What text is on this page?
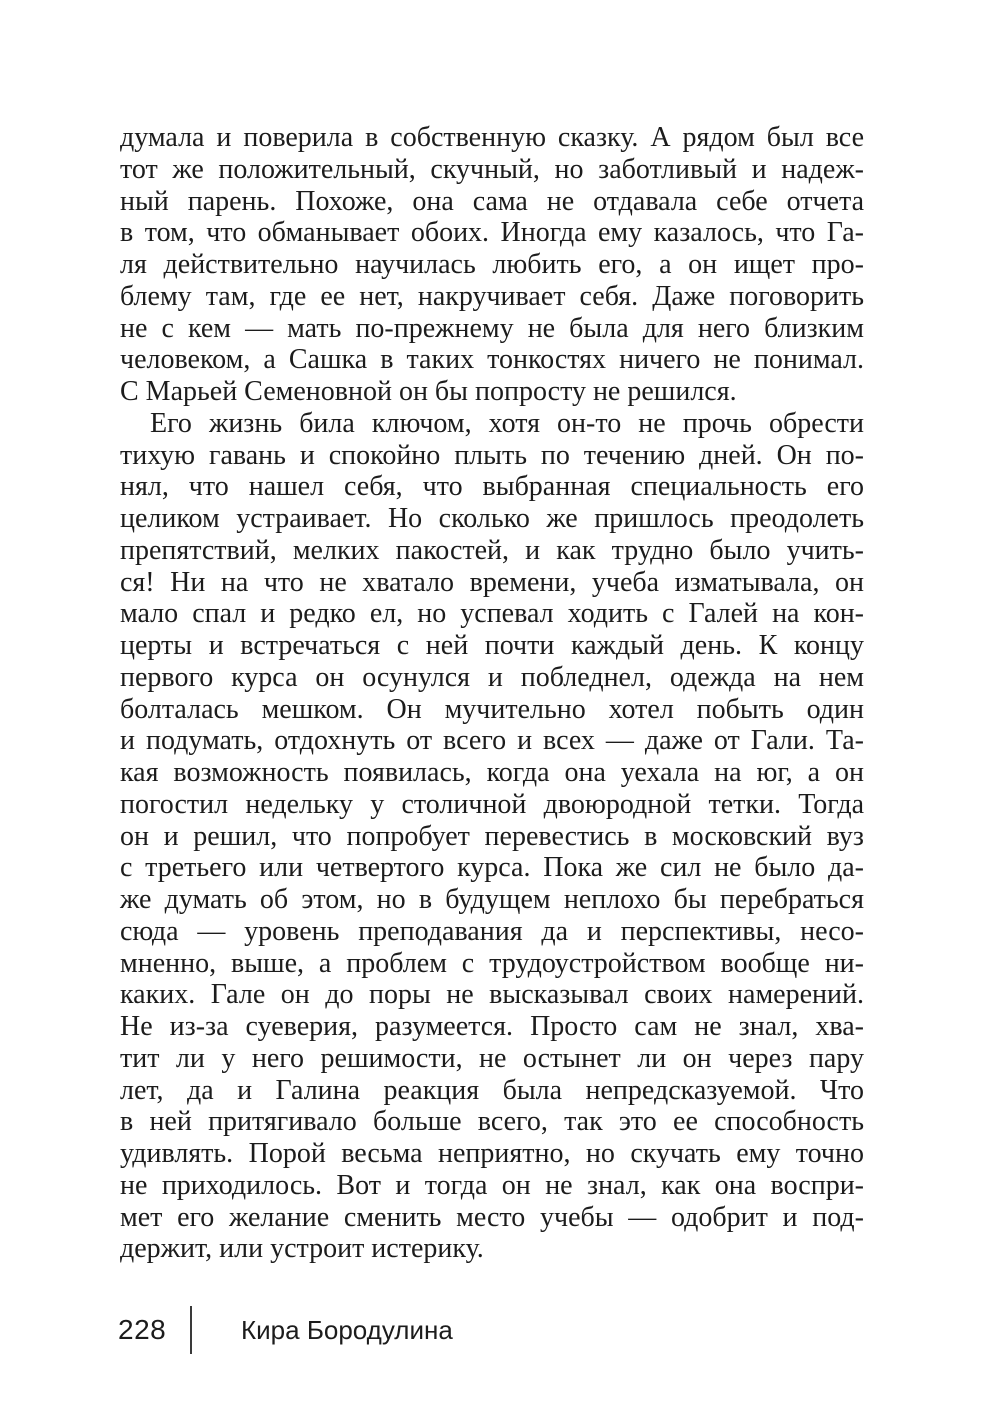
думала и поверила в собственную сказку. А рядом был все
тот же положительный, скучный, но заботливый и надеж-
ный парень. Похоже, она сама не отдавала себе отчета
в том, что обманывает обоих. Иногда ему казалось, что Га-
ля действительно научилась любить его, а он ищет про-
блему там, где ее нет, накручивает себя. Даже поговорить
не с кем — мать по-прежнему не была для него близким
человеком, а Сашка в таких тонкостях ничего не понимал.
С Марьей Семеновной он бы попросту не решился.
Его жизнь била ключом, хотя он-то не прочь обрести
тихую гавань и спокойно плыть по течению дней. Он по-
нял, что нашел себя, что выбранная специальность его
целиком устраивает. Но сколько же пришлось преодолеть
препятствий, мелких пакостей, и как трудно было учить-
ся! Ни на что не хватало времени, учеба изматывала, он
мало спал и редко ел, но успевал ходить с Галей на кон-
церты и встречаться с ней почти каждый день. К концу
первого курса он осунулся и побледнел, одежда на нем
болталась мешком. Он мучительно хотел побыть один
и подумать, отдохнуть от всего и всех — даже от Гали. Та-
кая возможность появилась, когда она уехала на юг, а он
погостил недельку у столичной двоюродной тетки. Тогда
он и решил, что попробует перевестись в московский вуз
с третьего или четвертого курса. Пока же сил не было да-
же думать об этом, но в будущем неплохо бы перебраться
сюда — уровень преподавания да и перспективы, несо-
мненно, выше, а проблем с трудоустройством вообще ни-
каких. Гале он до поры не высказывал своих намерений.
Не из-за суеверия, разумеется. Просто сам не знал, хва-
тит ли у него решимости, не остынет ли он через пару
лет, да и Галина реакция была непредсказуемой. Что
в ней притягивало больше всего, так это ее способность
удивлять. Порой весьма неприятно, но скучать ему точно
не приходилось. Вот и тогда он не знал, как она воспри-
мет его желание сменить место учебы — одобрит и под-
держит, или устроит истерику.
228	Кира Бородулина
